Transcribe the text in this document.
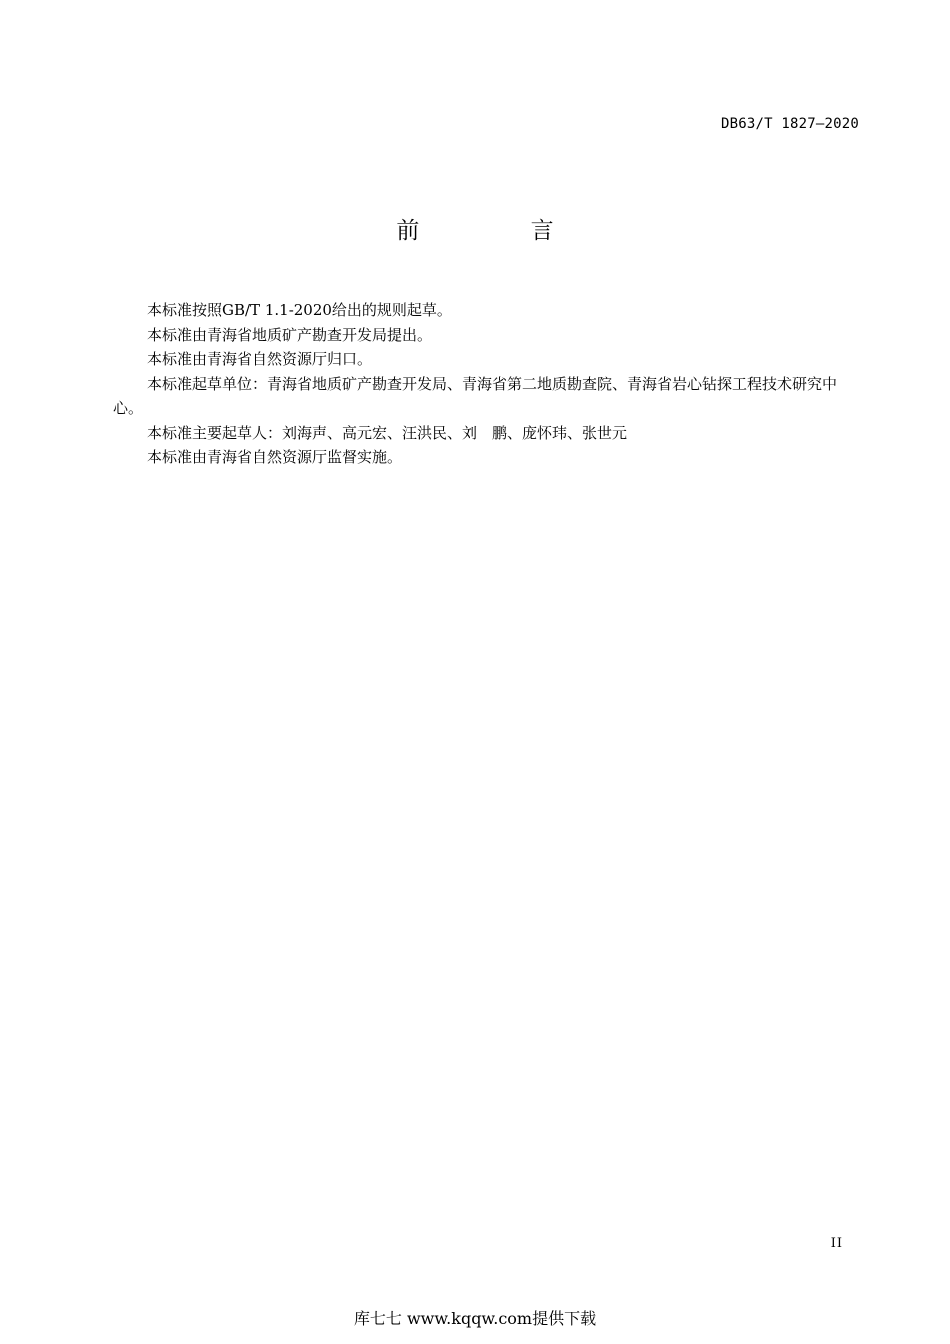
DB63/T 1827—2020
前 言

本标准按照GB/T 1.1-2020给出的规则起草。

本标准由青海省地质矿产勘查开发局提出。

本标准由青海省自然资源厅归口。

本标准起草单位：青海省地质矿产勘查开发局、青海省第二地质勘查院、青海省岩心钻探工程技术研究中心。

本标准主要起草人：刘海声、高元宏、汪洪民、刘　鹏、庞怀玮、张世元

本标准由青海省自然资源厅监督实施。

II
库七七 www.kqqw.com提供下载
